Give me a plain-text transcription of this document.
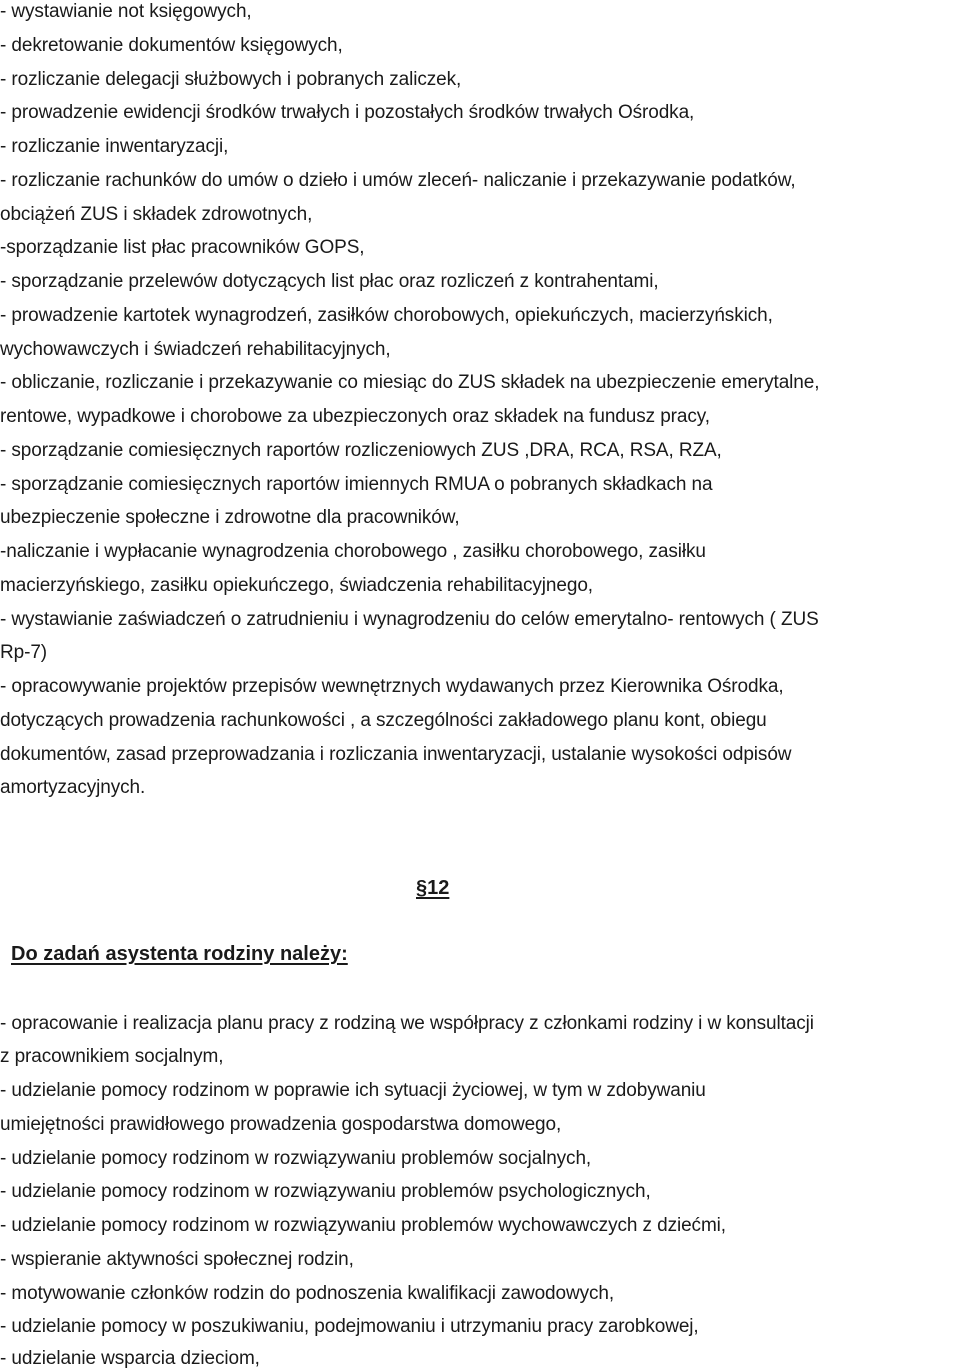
- wystawianie not księgowych,
- dekretowanie dokumentów księgowych,
- rozliczanie delegacji służbowych i pobranych zaliczek,
- prowadzenie ewidencji środków trwałych i pozostałych środków trwałych Ośrodka,
- rozliczanie inwentaryzacji,
- rozliczanie rachunków do umów o dzieło i umów zleceń- naliczanie i przekazywanie podatków,
obciążeń ZUS i składek zdrowotnych,
-sporządzanie list płac pracowników GOPS,
- sporządzanie przelewów dotyczących list płac oraz rozliczeń z kontrahentami,
- prowadzenie kartotek wynagrodzeń, zasiłków chorobowych, opiekuńczych, macierzyńskich,
wychowawczych i świadczeń rehabilitacyjnych,
- obliczanie, rozliczanie i przekazywanie co miesiąc do ZUS składek na ubezpieczenie emerytalne,
rentowe, wypadkowe i chorobowe za ubezpieczonych oraz składek na fundusz pracy,
- sporządzanie comiesięcznych raportów rozliczeniowych ZUS ,DRA, RCA, RSA, RZA,
- sporządzanie comiesięcznych raportów imiennych RMUA o pobranych składkach na
ubezpieczenie społeczne i zdrowotne dla pracowników,
-naliczanie i wypłacanie wynagrodzenia chorobowego , zasiłku chorobowego, zasiłku
macierzyńskiego, zasiłku opiekuńczego, świadczenia rehabilitacyjnego,
- wystawianie zaświadczeń o zatrudnieniu i wynagrodzeniu do celów emerytalno- rentowych ( ZUS
Rp-7)
- opracowywanie projektów przepisów wewnętrznych wydawanych przez Kierownika Ośrodka,
dotyczących prowadzenia rachunkowości , a szczególności zakładowego planu kont, obiegu
dokumentów, zasad przeprowadzania i rozliczania inwentaryzacji, ustalanie wysokości odpisów
amortyzacyjnych.
§12
Do zadań asystenta rodziny należy:
- opracowanie i realizacja planu pracy z rodziną we współpracy z członkami rodziny i w konsultacji
z pracownikiem socjalnym,
- udzielanie pomocy rodzinom w poprawie ich sytuacji życiowej, w tym w zdobywaniu
umiejętności prawidłowego prowadzenia gospodarstwa domowego,
- udzielanie pomocy rodzinom w rozwiązywaniu problemów socjalnych,
- udzielanie pomocy rodzinom w rozwiązywaniu problemów psychologicznych,
- udzielanie pomocy rodzinom w rozwiązywaniu problemów wychowawczych z dziećmi,
- wspieranie aktywności społecznej rodzin,
- motywowanie członków rodzin do podnoszenia kwalifikacji zawodowych,
- udzielanie pomocy w poszukiwaniu, podejmowaniu i utrzymaniu pracy zarobkowej,
- udzielanie wsparcia dzieciom,
